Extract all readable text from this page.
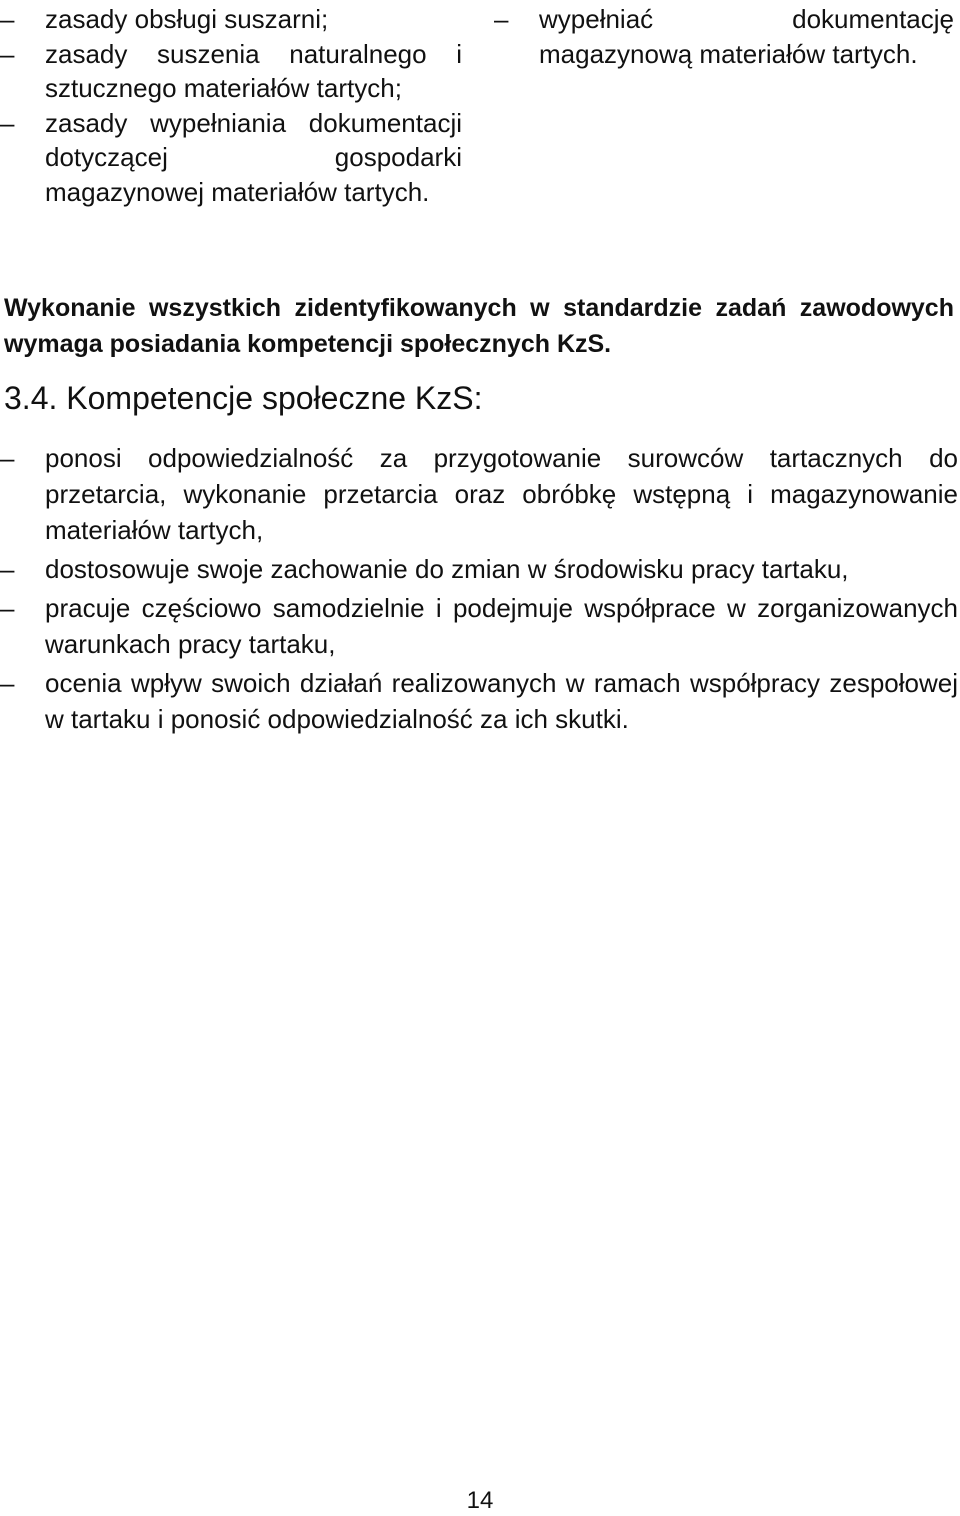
– zasady obsługi suszarni;
– zasady suszenia naturalnego i sztucznego materiałów tartych;
– zasady wypełniania dokumentacji dotyczącej gospodarki magazynowej materiałów tartych.
– wypełniać dokumentację magazynową materiałów tartych.

Wykonanie wszystkich zidentyfikowanych w standardzie zadań zawodowych wymaga posiadania kompetencji społecznych KzS.

3.4. Kompetencje społeczne KzS:
– ponosi odpowiedzialność za przygotowanie surowców tartacznych do przetarcia, wykonanie przetarcia oraz obróbkę wstępną i magazynowanie materiałów tartych,
– dostosowuje swoje zachowanie do zmian w środowisku pracy tartaku,
– pracuje częściowo samodzielnie i podejmuje współprace w zorganizowanych warunkach pracy tartaku,
– ocenia wpływ swoich działań realizowanych w ramach współpracy zespołowej w tartaku i ponosić odpowiedzialność za ich skutki.
14
